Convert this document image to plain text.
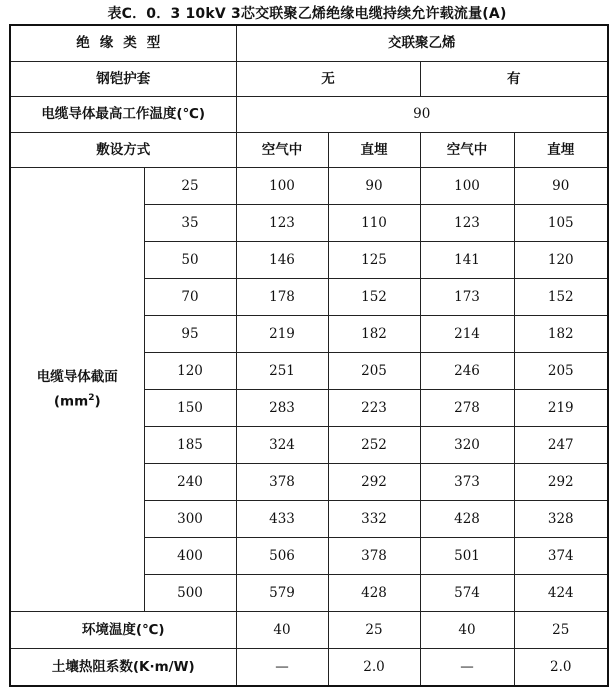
表C．0．3 10kV 3芯交联聚乙烯绝缘电缆持续允许载流量(A)
绝缘类型		交联聚乙烯			
钢铠护套		无		有	
电缆导体最高工作温度(℃)		90			
敷设方式		空气中	直埋	空气中	直埋

电缆导体截面
$(mm^2)$	25	100	90	100	90
	35	123	110	123	105
	50	146	125	141	120
	70	178	152	173	152
	95	219	182	214	182
	120	251	205	246	205
	150	283	223	278	219
	185	324	252	320	247
	240	378	292	373	292
	300	433	332	428	328
	400	506	378	501	374
	500	579	428	574	424
环境温度(℃)		40	25	40	25
土壤热阻系数(K·m/W)		—	2.0	—	2.0
